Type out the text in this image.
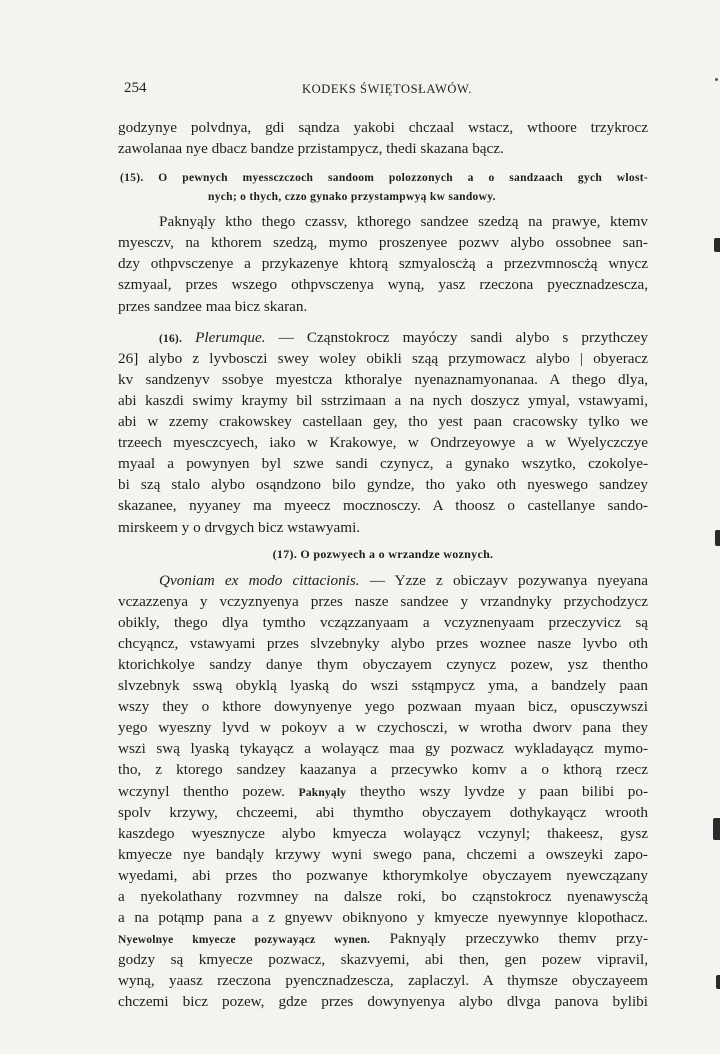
254	KODEKS ŚWIĘTOSŁAWÓW.
godzynye polvdnya, gdi sąndza yakobi chczaal wstacz, wthoore trzykrocz
zawolanaa nye dbacz bandze przistampycz, thedi skazana bącz.
(15). O pewnych myessczczoch sandoom polozzonych a o sandzaach gych wlost-
nych; o thych, czzo gynako przystampwyą kw sandowy.
Paknyąly ktho thego czassv, kthorego sandzee szedzą na prawye, ktemv
myesczv, na kthorem szedzą, mymo proszenyee pozwv alybo ossobnee san-
dzy othpvsczenye a przykazenye khtorą szmyaloscżą a przezvmnoscżą wnycz
szmyaal, przes wszego othpvsczenya wyną, yasz rzeczona pyecznadzescza,
przes sandzee maa bicz skaran.
(16). Plerumque. — Cząnstokrocz mayóczy sandi alybo s przythczey
26] alybo z lyvbosczi swey woley obikli sząą przymowacz alybo | obyeracz
kv sandzenyv ssobye myestcza kthoralye nyenaznamyonanaa. A thego dlya,
abi kaszdi swimy kraymy bil sstrzimaan a na nych doszycz ymyal, vstawyami,
abi w zzemy crakowskey castellaan gey, tho yest paan cracowsky tylko we
trzeech myesczcyech, iako w Krakowye, w Ondrzeyowye a w Wyelyczczye
myaal a powynyen byl szwe sandi czynycz, a gynako wszytko, czokolye-
bi szą stalo alybo osąndzono bilo gyndze, tho yako oth nyeswego sandzey
skazanee, nyyaney ma myeecz mocznosczy. A thoosz o castellanye sando-
mirskeem y o drvgych bicz wstawyami.
(17). O pozwyech a o wrzandze woznych.
Qvoniam ex modo cittacionis. — Yzze z obiczayv pozywanya nyeyana
vczazzenya y vczyznyenya przes nasze sandzee y vrzandnyky przychodzycz
obikly, thego dlya tymtho vczązzanyaam a vczyznenyaam przeczyvicz są
chcyąncz, vstawyami przes slvzebnyky alybo przes woznee nasze lyvbo oth
ktorichkolye sandzy danye thym obyczayem czynycz pozew, ysz thentho
slvzebnyk sswą obyklą lyaską do wszi sstąmpycz yma, a bandzely paan
wszy they o kthore dowynyenye yego pozwaan myaan bicz, opusczywszi
yego wyeszny lyvd w pokoyv a w czychosczi, w wrotha dworv pana they
wszi swą lyaską tykayącz a wolayącz maa gy pozwacz wykladayącz mymo-
tho, z ktorego sandzey kaazanya a przecywko komv a o kthorą rzecz
wczynyl thentho pozew. Paknyąly theytho wszy lyvdze y paan bilibi po-
spolv krzywy, chczeemi, abi thymtho obyczayem dothykayącz wrooth
kaszdego wyesznycze alybo kmyecza wolayącz vczynyl; thakeesz, gysz
kmyecze nye bandąly krzywy wyni swego pana, chczemi a owszeyki zapo-
wyedami, abi przes tho pozwanye kthorymkolye obyczayem nyewczązany
a nyekolathany rozvmney na dalsze roki, bo cząnstokrocz nyenawyscżą
a na potąmp pana a z gnyewv obiknyono y kmyecze nyewynnye klopothacz.
Nyewolnye kmyecze pozywayącz wynen. Paknyąly przeczywko themv przy-
godzy są kmyecze pozwacz, skazvyemi, abi then, gen pozew vipravil,
wyną, yaasz rzeczona pyencznadzescza, zaplaczyl. A thymsze obyczayeem
chczemi bicz pozew, gdze przes dowynyenya alybo dlvga panova bylibi
